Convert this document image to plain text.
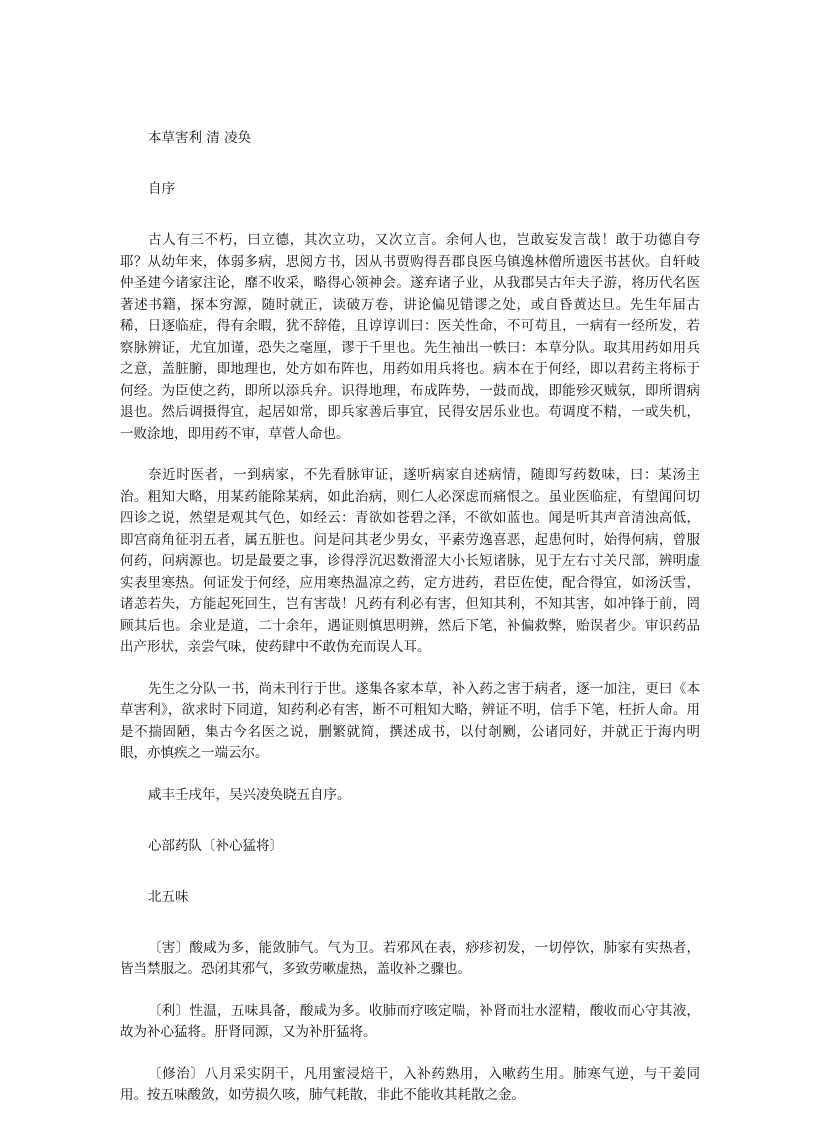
本草害利 清 凌奂
自序

古人有三不朽，曰立德，其次立功，又次立言。余何人也，岂敢妄发言哉！敢于功德自夸耶？从幼年来，体弱多病，思阅方书，因从书贾购得吾郡良医乌镇逸林僧所遗医书甚伙。自轩岐仲圣建今诸家注论，靡不收采，略得心领神会。遂弃诸子业，从我郡吴古年夫子游，将历代名医著述书籍，探本穷源，随时就正，读破万卷，讲论偏见错谬之处，或自昏黄达旦。先生年届古稀，日逐临症，得有余暇，犹不辞倦，且谆谆训曰：医关性命，不可苟且，一病有一经所发，若察脉辨证，尤宜加谨，恐失之毫厘，谬于千里也。先生袖出一帙曰：本草分队。取其用药如用兵之意，盖脏腑，即地理也，处方如布阵也，用药如用兵将也。病本在于何经，即以君药主将标于何经。为臣使之药，即所以添兵弁。识得地理，布成阵势，一鼓而战，即能殄灭贼氛，即所谓病退也。然后调摄得宜，起居如常，即兵家善后事宜，民得安居乐业也。苟调度不精，一或失机，一败涂地，即用药不审，草菅人命也。

奈近时医者，一到病家，不先看脉审证，遂听病家自述病情，随即写药数味，曰：某汤主治。粗知大略，用某药能除某病，如此治病，则仁人必深虑而痛恨之。虽业医临症，有望闻问切四诊之说，然望是观其气色，如经云：青欲如苍碧之泽，不欲如蓝也。闻是听其声音清浊高低，即宫商角征羽五者，属五脏也。问是问其老少男女，平素劳逸喜恶，起患何时，始得何病，曾服何药，问病源也。切是最要之事，诊得浮沉迟数滑涩大小长短诸脉，见于左右寸关尺部，辨明虚实表里寒热。何证发于何经，应用寒热温凉之药，定方进药，君臣佐使，配合得宜，如汤沃雪，诸恙若失，方能起死回生，岂有害哉！凡药有利必有害，但知其利，不知其害，如冲锋于前，罔顾其后也。余业是道，二十余年，遇证则慎思明辨，然后下笔，补偏救弊，贻误者少。审识药品出产形状，亲尝气味，使药肆中不敢伪充而误人耳。

先生之分队一书，尚未刊行于世。遂集各家本草，补入药之害于病者，逐一加注，更曰《本草害利》，欲求时下同道，知药利必有害，断不可粗知大略，辨证不明，信手下笔，枉折人命。用是不揣固陋，集古今名医之说，删繁就简，撰述成书，以付剞劂，公诸同好，并就正于海内明眼，亦慎疾之一端云尔。

咸丰壬戌年，吴兴凌奂晓五自序。
心部药队〔补心猛将〕
北五味

〔害〕酸咸为多，能敛肺气。气为卫。若邪风在表，痧疹初发，一切停饮，肺家有实热者，皆当禁服之。恐闭其邪气，多致劳嗽虚热，盖收补之骤也。

〔利〕性温，五味具备，酸咸为多。收肺而疗咳定喘，补肾而壮水涩精，酸收而心守其液，故为补心猛将。肝肾同源，又为补肝猛将。

〔修治〕八月采实阴干，凡用蜜浸焙干，入补药熟用，入嗽药生用。肺寒气逆，与干姜同用。按五味酸敛，如劳损久咳，肺气耗散，非此不能收其耗散之金。
